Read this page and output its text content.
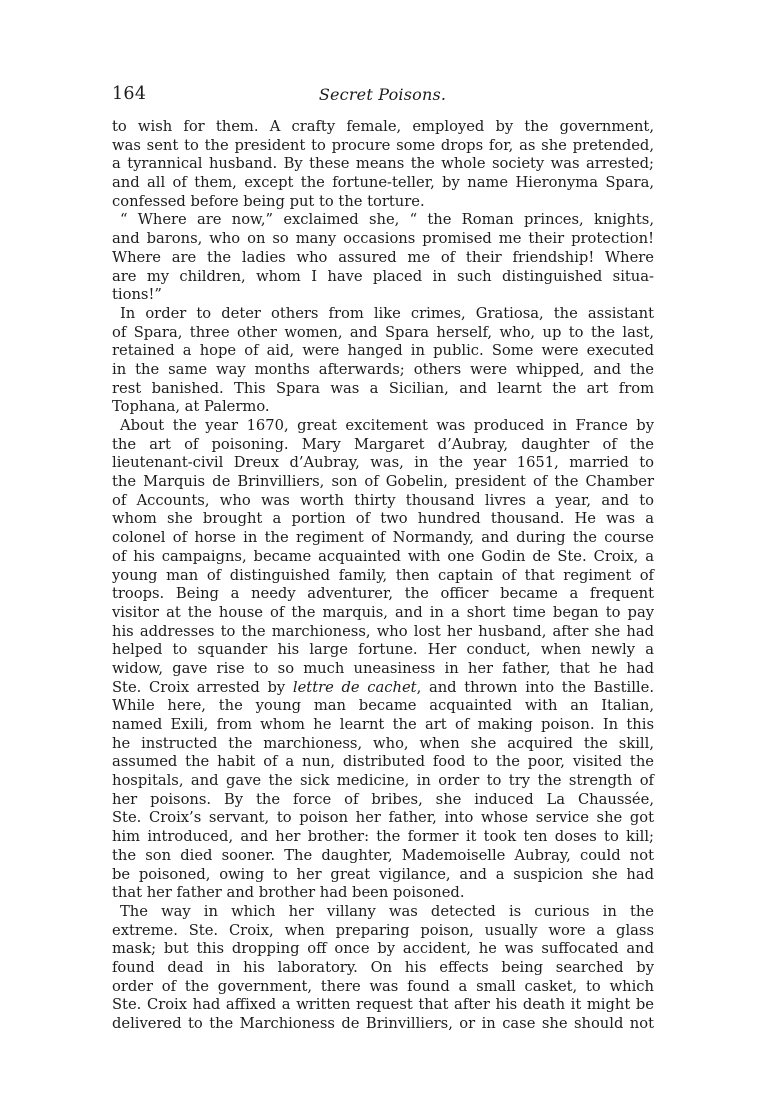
164	Secret Poisons.
to wish for them. A crafty female, employed by the government,
was sent to the president to procure some drops for, as she pretended,
a tyrannical husband. By these means the whole society was arrested;
and all of them, except the fortune-teller, by name Hieronyma Spara,
confessed before being put to the torture.
“ Where are now,” exclaimed she, “ the Roman princes, knights,
and barons, who on so many occasions promised me their protection!
Where are the ladies who assured me of their friendship! Where
are my children, whom I have placed in such distinguished situa-
tions!”
In order to deter others from like crimes, Gratiosa, the assistant
of Spara, three other women, and Spara herself, who, up to the last,
retained a hope of aid, were hanged in public. Some were executed
in the same way months afterwards; others were whipped, and the
rest banished. This Spara was a Sicilian, and learnt the art from
Tophana, at Palermo.
About the year 1670, great excitement was produced in France by
the art of poisoning. Mary Margaret d’Aubray, daughter of the
lieutenant-civil Dreux d’Aubray, was, in the year 1651, married to
the Marquis de Brinvilliers, son of Gobelin, president of the Chamber
of Accounts, who was worth thirty thousand livres a year, and to
whom she brought a portion of two hundred thousand. He was a
colonel of horse in the regiment of Normandy, and during the course
of his campaigns, became acquainted with one Godin de Ste. Croix, a
young man of distinguished family, then captain of that regiment of
troops. Being a needy adventurer, the officer became a frequent
visitor at the house of the marquis, and in a short time began to pay
his addresses to the marchioness, who lost her husband, after she had
helped to squander his large fortune. Her conduct, when newly a
widow, gave rise to so much uneasiness in her father, that he had
Ste. Croix arrested by lettre de cachet, and thrown into the Bastille.
While here, the young man became acquainted with an Italian,
named Exili, from whom he learnt the art of making poison. In this
he instructed the marchioness, who, when she acquired the skill,
assumed the habit of a nun, distributed food to the poor, visited the
hospitals, and gave the sick medicine, in order to try the strength of
her poisons. By the force of bribes, she induced La Chaussée,
Ste. Croix’s servant, to poison her father, into whose service she got
him introduced, and her brother: the former it took ten doses to kill;
the son died sooner. The daughter, Mademoiselle Aubray, could not
be poisoned, owing to her great vigilance, and a suspicion she had
that her father and brother had been poisoned.
The way in which her villany was detected is curious in the
extreme. Ste. Croix, when preparing poison, usually wore a glass
mask; but this dropping off once by accident, he was suffocated and
found dead in his laboratory. On his effects being searched by
order of the government, there was found a small casket, to which
Ste. Croix had affixed a written request that after his death it might be
delivered to the Marchioness de Brinvilliers, or in case she should not
